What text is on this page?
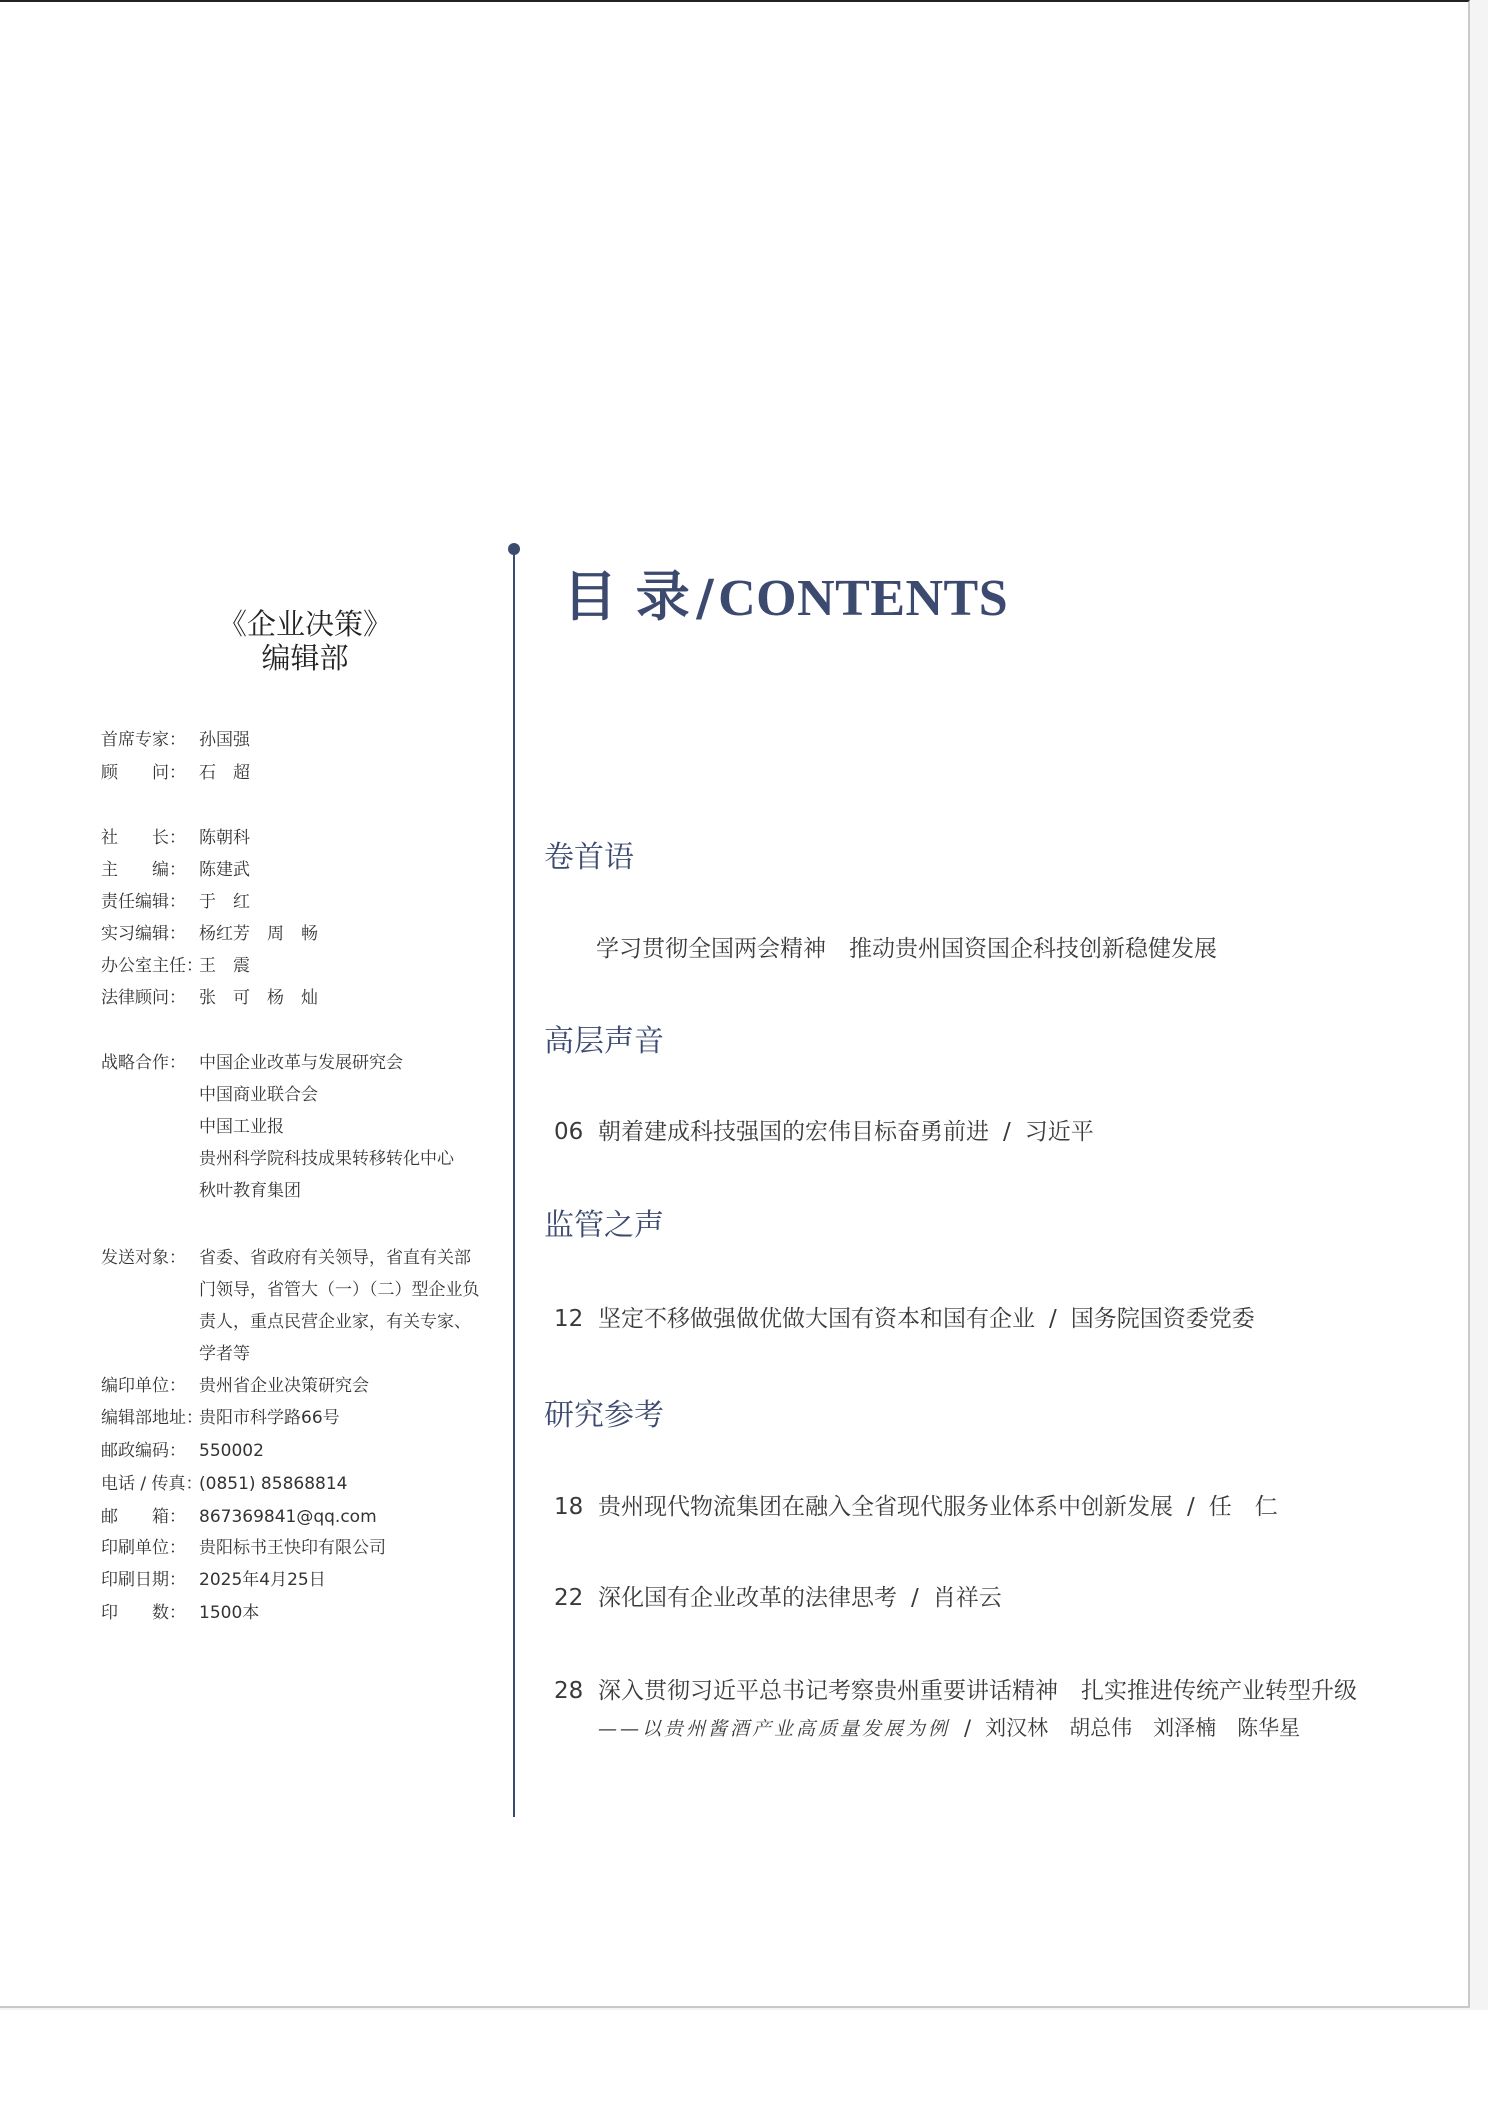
《企业决策》
编辑部
首席专家： 孙国强
顾　　问： 石　超
社　　长： 陈朝科
主　　编： 陈建武
责任编辑： 于　红
实习编辑： 杨红芳　周　畅
办公室主任：王　震
法律顾问： 张　可　杨　灿
战略合作： 中国企业改革与发展研究会
中国商业联合会
中国工业报
贵州科学院科技成果转移转化中心
秋叶教育集团
发送对象： 省委、省政府有关领导，省直有关部
门领导，省管大（一）（二）型企业负
责人，重点民营企业家，有关专家、
学者等
编印单位： 贵州省企业决策研究会
编辑部地址：贵阳市科学路66号
邮政编码： 550002
电话 / 传真：(0851) 85868814
邮　　箱： 867369841@qq.com
印刷单位： 贵阳标书王快印有限公司
印刷日期： 2025年4月25日
印　　数： 1500本
目 录 /CONTENTS
卷首语
学习贯彻全国两会精神　推动贵州国资国企科技创新稳健发展
高层声音
06 朝着建成科技强国的宏伟目标奋勇前进 / 习近平
监管之声
12 坚定不移做强做优做大国有资本和国有企业 / 国务院国资委党委
研究参考
18 贵州现代物流集团在融入全省现代服务业体系中创新发展 / 任　仁
22 深化国有企业改革的法律思考 / 肖祥云
28 深入贯彻习近平总书记考察贵州重要讲话精神　扎实推进传统产业转型升级
——以贵州酱酒产业高质量发展为例 / 刘汉林　胡总伟　刘泽楠　陈华星
